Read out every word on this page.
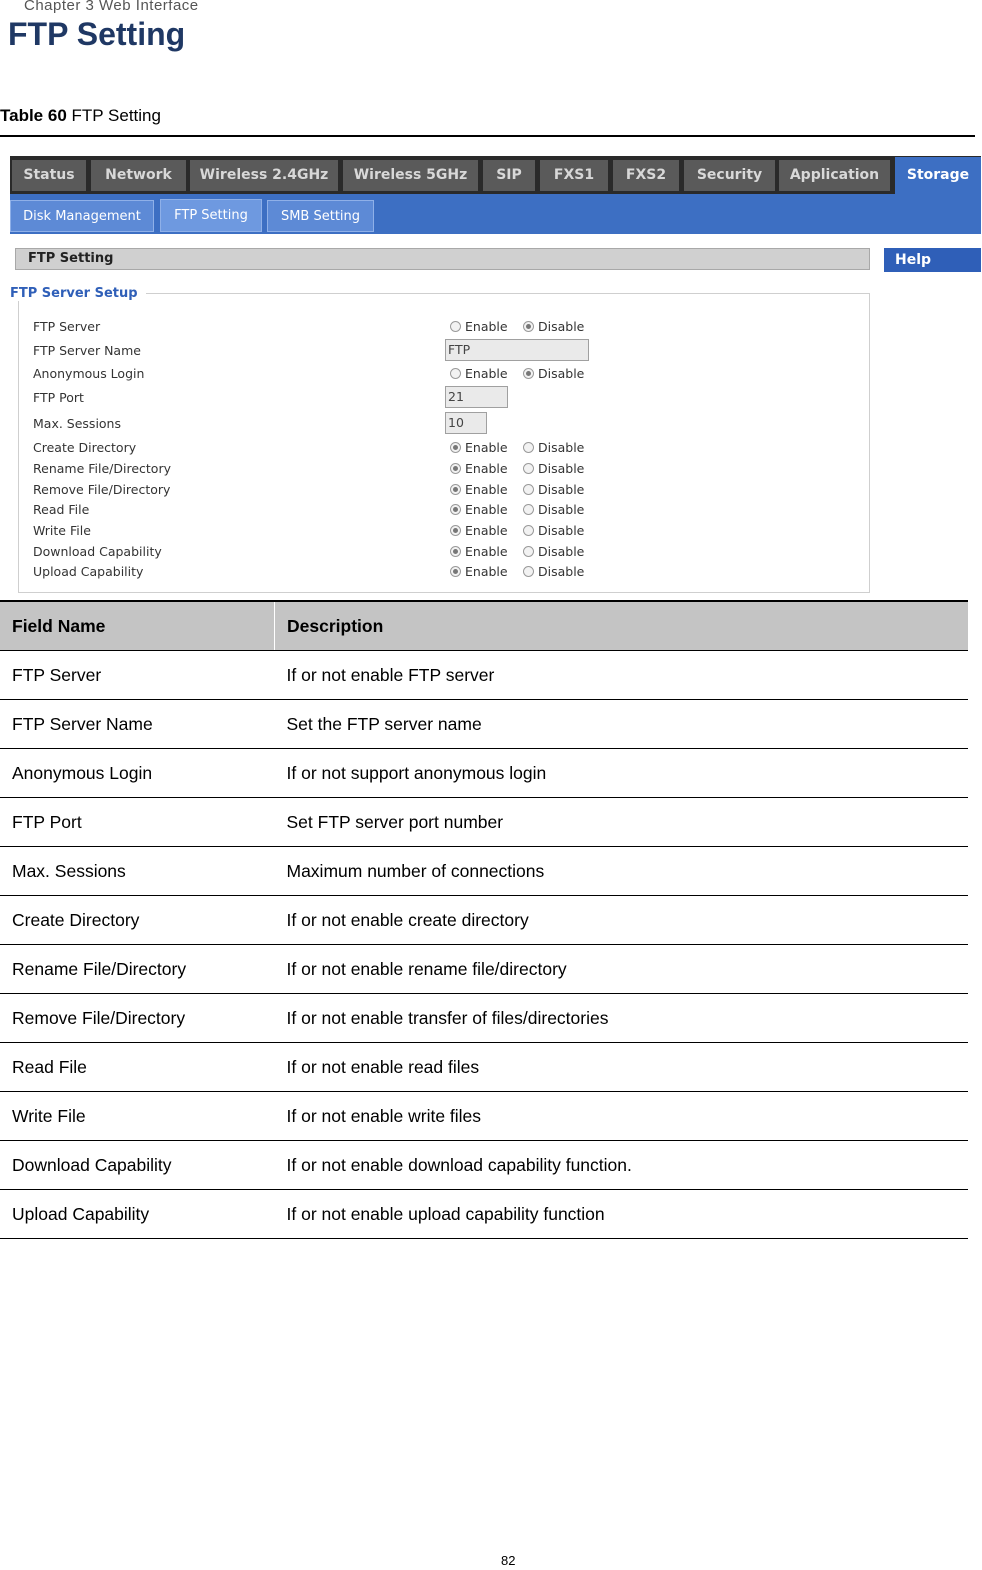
Chapter 3 Web Interface
FTP Setting
Table 60 FTP Setting
Status	Network	Wireless 2.4GHz	Wireless 5GHz	SIP	FXS1	FXS2	Security	Application	Storage
Disk Management	FTP Setting	SMB Setting
FTP Setting	Help
FTP Server Setup
FTP Server	Enable	Disable
FTP Server Name	FTP
Anonymous Login	Enable	Disable
FTP Port	21
Max. Sessions	10
Create Directory	Enable	Disable
Rename File/Directory	Enable	Disable
Remove File/Directory	Enable	Disable
Read File	Enable	Disable
Write File	Enable	Disable
Download Capability	Enable	Disable
Upload Capability	Enable	Disable
Field Name	Description
FTP Server	If or not enable FTP server
FTP Server Name	Set the FTP server name
Anonymous Login	If or not support anonymous login
FTP Port	Set FTP server port number
Max. Sessions	Maximum number of connections
Create Directory	If or not enable create directory
Rename File/Directory	If or not enable rename file/directory
Remove File/Directory	If or not enable transfer of files/directories
Read File	If or not enable read files
Write File	If or not enable write files
Download Capability	If or not enable download capability function.
Upload Capability	If or not enable upload capability function
82
